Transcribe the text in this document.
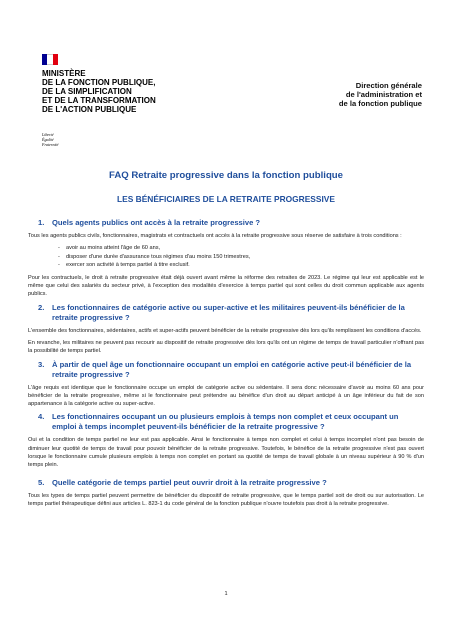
MINISTÈRE
DE LA FONCTION PUBLIQUE,
DE LA SIMPLIFICATION
ET DE LA TRANSFORMATION
DE L'ACTION PUBLIQUE
Liberté
Égalité
Fraternité
Direction générale
de l'administration et
de la fonction publique
FAQ Retraite progressive dans la fonction publique
LES BÉNÉFICIAIRES DE LA RETRAITE PROGRESSIVE
1.	Quels agents publics ont accès à la retraite progressive ?
Tous les agents publics civils, fonctionnaires, magistrats et contractuels ont accès à la retraite progressive sous réserve de satisfaire à trois conditions :
-	avoir au moins atteint l'âge de 60 ans,
-	disposer d'une durée d'assurance tous régimes d'au moins 150 trimestres,
-	exercer son activité à temps partiel à titre exclusif.
Pour les contractuels, le droit à retraite progressive était déjà ouvert avant même la réforme des retraites de 2023. Le régime qui leur est applicable est le même que celui des salariés du secteur privé, à l'exception des modalités d'exercice à temps partiel qui sont celles du droit commun applicable aux agents publics.
2.	Les fonctionnaires de catégorie active ou super-active et les militaires peuvent-ils bénéficier de la retraite progressive ?
L'ensemble des fonctionnaires, sédentaires, actifs et super-actifs peuvent bénéficier de la retraite progressive dès lors qu'ils remplissent les conditions d'accès.
En revanche, les militaires ne peuvent pas recourir au dispositif de retraite progressive dès lors qu'ils ont un régime de temps de travail particulier n'offrant pas la possibilité de temps partiel.
3.	À partir de quel âge un fonctionnaire occupant un emploi en catégorie active peut-il bénéficier de la retraite progressive ?
L'âge requis est identique que le fonctionnaire occupe un emploi de catégorie active ou sédentaire. Il sera donc nécessaire d'avoir au moins 60 ans pour bénéficier de la retraite progressive, même si le fonctionnaire peut prétendre au bénéfice d'un droit au départ anticipé à un âge inférieur du fait de son appartenance à la catégorie active ou super-active.
4.	Les fonctionnaires occupant un ou plusieurs emplois à temps non complet et ceux occupant un emploi à temps incomplet peuvent-ils bénéficier de la retraite progressive ?
Oui et la condition de temps partiel ne leur est pas applicable. Ainsi le fonctionnaire à temps non complet et celui à temps incomplet n'ont pas besoin de diminuer leur quotité de temps de travail pour pouvoir bénéficier de la retraite progressive. Toutefois, le bénéfice de la retraite progressive n'est pas ouvert lorsque le fonctionnaire cumule plusieurs emplois à temps non complet en portant sa quotité de temps de travail globale à un niveau supérieur à 90 % d'un temps plein.
5.	Quelle catégorie de temps partiel peut ouvrir droit à la retraite progressive ?
Tous les types de temps partiel peuvent permettre de bénéficier du dispositif de retraite progressive, que le temps partiel soit de droit ou sur autorisation. Le temps partiel thérapeutique défini aux articles L. 823-1 du code général de la fonction publique n'ouvre toutefois pas droit à la retraite progressive.
1
